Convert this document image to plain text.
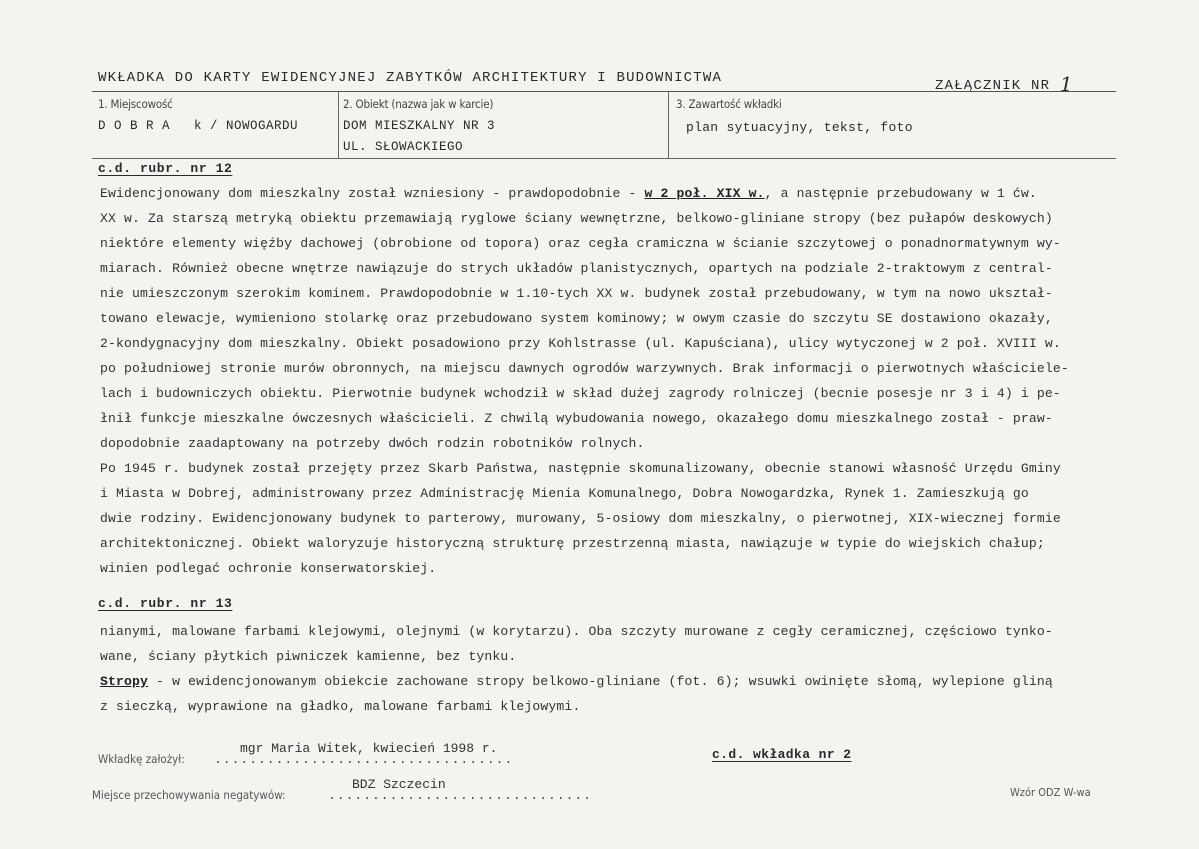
WKŁADKA DO KARTY EWIDENCYJNEJ ZABYTKÓW ARCHITEKTURY I BUDOWNICTWA	ZAŁĄCZNIK NR 1
1. Miejscowość
D O B R A   k / NOWOGARDU
2. Obiekt (nazwa jak w karcie)
DOM MIESZKALNY NR 3
UL. SŁOWACKIEGO
3. Zawartość wkładki
plan sytuacyjny, tekst, foto
c.d. rubr. nr 12
Ewidencjonowany dom mieszkalny został wzniesiony - prawdopodobnie - w 2 poł. XIX w., a następnie przebudowany w 1 ćw.
XX w. Za starszą metryką obiektu przemawiają ryglowe ściany wewnętrzne, belkowo-gliniane stropy (bez pułapów deskowych)
niektóre elementy więźby dachowej (obrobione od topora) oraz cegła cramiczna w ścianie szczytowej o ponadnormatywnym wy-
miarach. Również obecne wnętrze nawiązuje do strych układów planistycznych, opartych na podziale 2-traktowym z central-
nie umieszczonym szerokim kominem. Prawdopodobnie w 1.10-tych XX w. budynek został przebudowany, w tym na nowo ukształ-
towano elewacje, wymieniono stolarkę oraz przebudowano system kominowy; w owym czasie do szczytu SE dostawiono okazały,
2-kondygnacyjny dom mieszkalny. Obiekt posadowiono przy Kohlstrasse (ul. Kapuściana), ulicy wytyczonej w 2 poł. XVIII w.
po południowej stronie murów obronnych, na miejscu dawnych ogrodów warzywnych. Brak informacji o pierwotnych właściciele-
lach i budowniczych obiektu. Pierwotnie budynek wchodził w skład dużej zagrody rolniczej (becnie posesje nr 3 i 4) i pe-
łnił funkcje mieszkalne ówczesnych właścicieli. Z chwilą wybudowania nowego, okazałego domu mieszkalnego został - praw-
dopodobnie zaadaptowany na potrzeby dwóch rodzin robotników rolnych.
Po 1945 r. budynek został przejęty przez Skarb Państwa, następnie skomunalizowany, obecnie stanowi własność Urzędu Gminy
i Miasta w Dobrej, administrowany przez Administrację Mienia Komunalnego, Dobra Nowogardzka, Rynek 1. Zamieszkują go
dwie rodziny. Ewidencjonowany budynek to parterowy, murowany, 5-osiowy dom mieszkalny, o pierwotnej, XIX-wiecznej formie
architektonicznej. Obiekt waloryzuje historyczną strukturę przestrzenną miasta, nawiązuje w typie do wiejskich chałup;
winien podlegać ochronie konserwatorskiej.
c.d. rubr. nr 13
nianymi, malowane farbami klejowymi, olejnymi (w korytarzu). Oba szczyty murowane z cegły ceramicznej, częściowo tynko-
wane, ściany płytkich piwniczek kamienne, bez tynku.
Stropy - w ewidencjonowanym obiekcie zachowane stropy belkowo-gliniane (fot. 6); wsuwki owinięte słomą, wylepione gliną
z sieczką, wyprawione na gładko, malowane farbami klejowymi.
Wkładkę założył: ..................................
mgr Maria Witek, kwiecień 1998 r.	c.d. wkładka nr 2
Miejsce przechowywania negatywów:	..............................
BDZ Szczecin
Wzór ODZ W-wa
